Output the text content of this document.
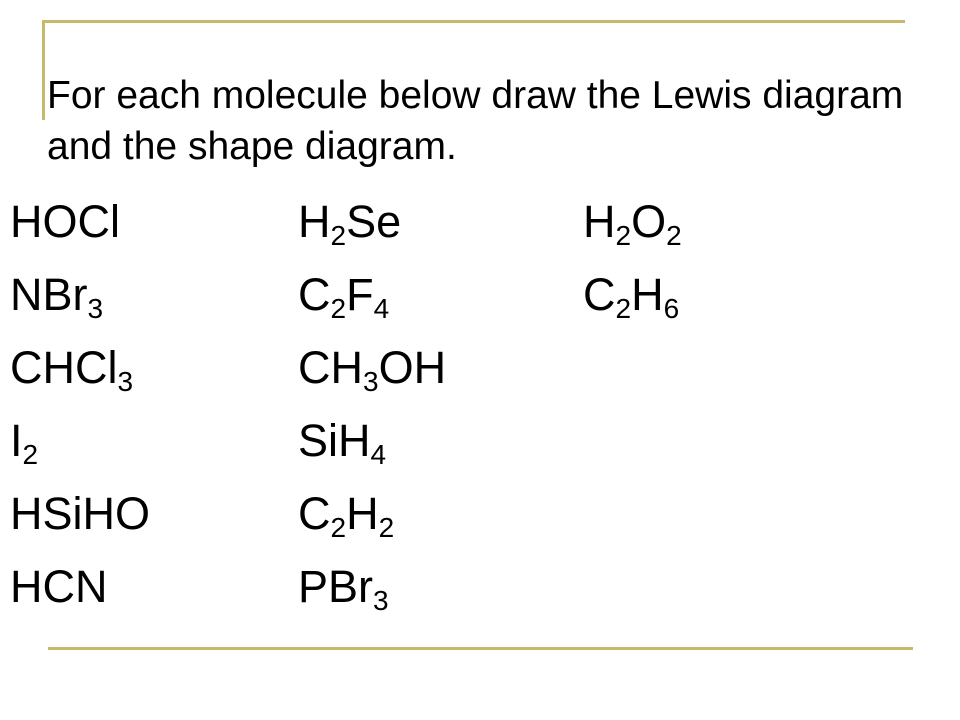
For each molecule below draw the Lewis diagram and the shape diagram.

HOCl	$H_2Se$	$H_2O_2$
NBr$_3$	$C_2F_4$	$C_2H_6$
CHCl$_3$	$CH_3OH$
$I_2$	SiH$_4$
HSiHO	$C_2H_2$
HCN	PBr$_3$
